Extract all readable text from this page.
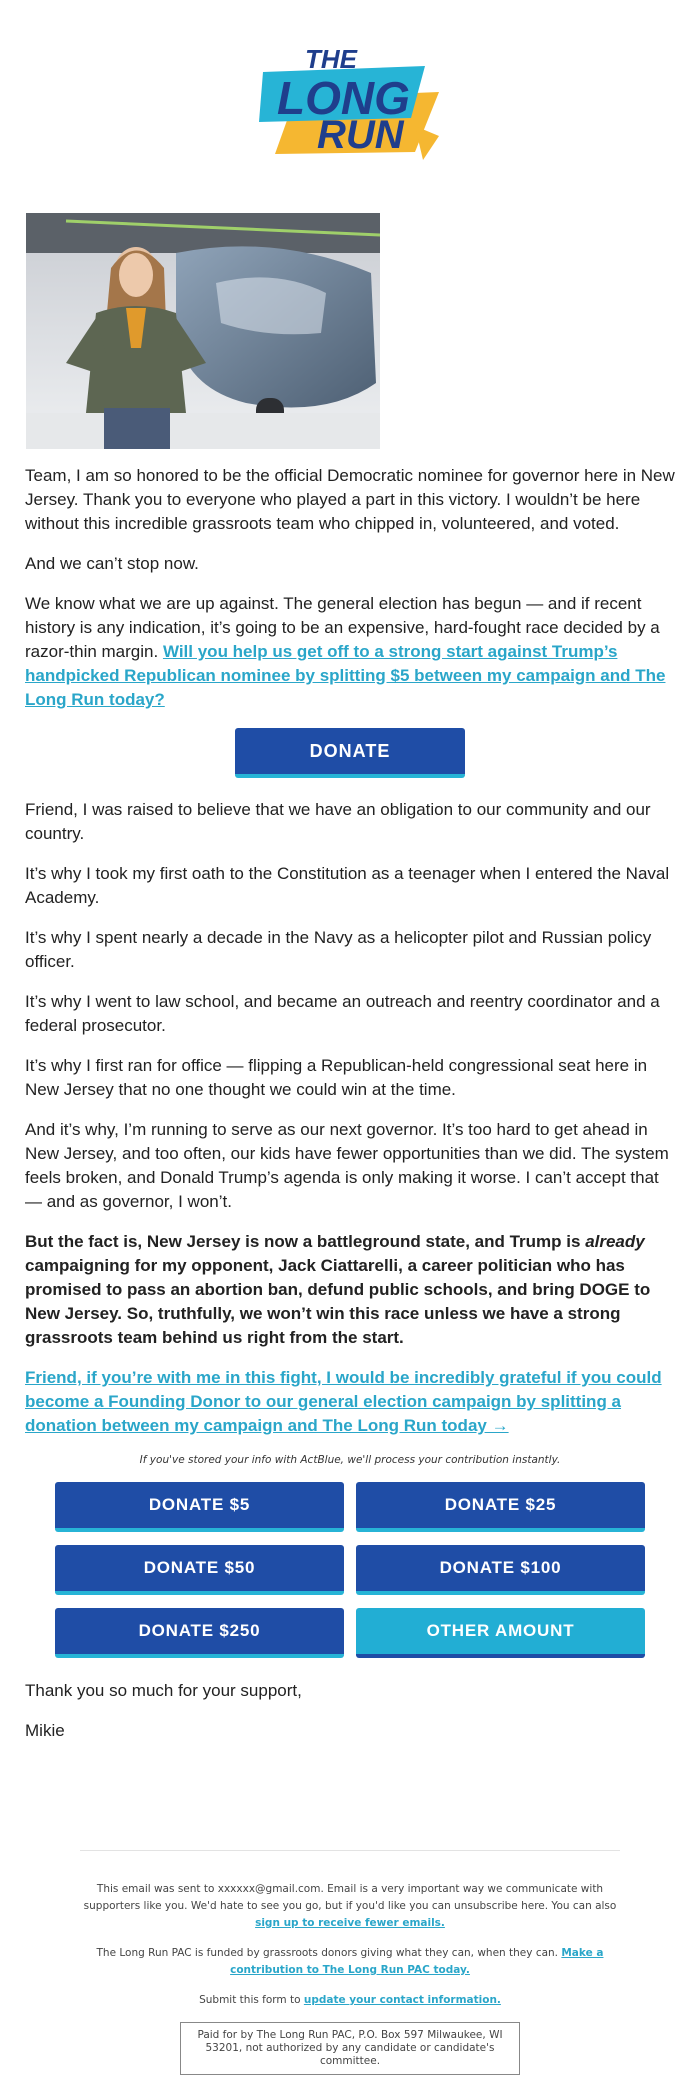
THE
LONG
RUN

Team, I am so honored to be the official Democratic nominee for governor here in New Jersey. Thank you to everyone who played a part in this victory. I wouldn’t be here without this incredible grassroots team who chipped in, volunteered, and voted.

And we can’t stop now.

We know what we are up against. The general election has begun — and if recent history is any indication, it’s going to be an expensive, hard-fought race decided by a razor-thin margin. Will you help us get off to a strong start against Trump’s handpicked Republican nominee by splitting $5 between my campaign and The Long Run today?

DONATE

Friend, I was raised to believe that we have an obligation to our community and our country.

It’s why I took my first oath to the Constitution as a teenager when I entered the Naval Academy.

It’s why I spent nearly a decade in the Navy as a helicopter pilot and Russian policy officer.

It’s why I went to law school, and became an outreach and reentry coordinator and a federal prosecutor.

It’s why I first ran for office — flipping a Republican-held congressional seat here in New Jersey that no one thought we could win at the time.

And it’s why, I’m running to serve as our next governor. It’s too hard to get ahead in New Jersey, and too often, our kids have fewer opportunities than we did. The system feels broken, and Donald Trump’s agenda is only making it worse. I can’t accept that — and as governor, I won’t.

But the fact is, New Jersey is now a battleground state, and Trump is already campaigning for my opponent, Jack Ciattarelli, a career politician who has promised to pass an abortion ban, defund public schools, and bring DOGE to New Jersey. So, truthfully, we won’t win this race unless we have a strong grassroots team behind us right from the start.

Friend, if you’re with me in this fight, I would be incredibly grateful if you could become a Founding Donor to our general election campaign by splitting a donation between my campaign and The Long Run today →

If you've stored your info with ActBlue, we'll process your contribution instantly.

DONATE $5	DONATE $25
DONATE $50	DONATE $100
DONATE $250	OTHER AMOUNT

Thank you so much for your support,

Mikie

This email was sent to xxxxxx@gmail.com. Email is a very important way we communicate with supporters like you. We'd hate to see you go, but if you'd like you can unsubscribe here. You can also sign up to receive fewer emails.

The Long Run PAC is funded by grassroots donors giving what they can, when they can. Make a contribution to The Long Run PAC today.

Submit this form to update your contact information.

Paid for by The Long Run PAC, P.O. Box 597 Milwaukee, WI 53201, not authorized by any candidate or candidate's committee.
